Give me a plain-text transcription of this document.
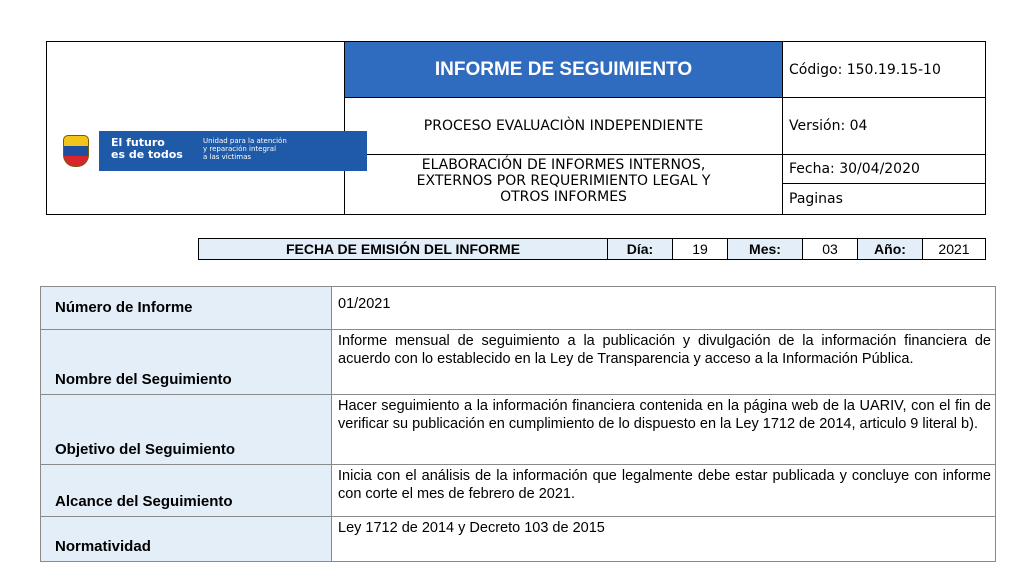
El futuro
es de todos
Unidad para la atención
y reparación integral
a las víctimas	INFORME DE SEGUIMIENTO	Código: 150.19.15-10
	PROCESO EVALUACIÒN INDEPENDIENTE	Versión: 04

	ELABORACIÓN DE INFORMES INTERNOS,
EXTERNOS POR REQUERIMIENTO LEGAL Y
OTROS INFORMES	Fecha: 30/04/2020
		Paginas
FECHA DE EMISIÓN DEL INFORME	Día:	19	Mes:	03	Año:	2021
Número de Informe	01/2021
Nombre del Seguimiento	Informe mensual de seguimiento a la publicación y divulgación de la información financiera de acuerdo con lo establecido en la Ley de Transparencia y acceso a la Información Pública.
Objetivo del Seguimiento	Hacer seguimiento a la información financiera contenida en la página web de la UARIV, con el fin de verificar su publicación en cumplimiento de lo dispuesto en la Ley 1712 de 2014, articulo 9 literal b).
Alcance del Seguimiento	Inicia con el análisis de la información que legalmente debe estar publicada y concluye con informe con corte el mes de febrero de 2021.
Normatividad	Ley 1712 de 2014 y Decreto 103 de 2015
